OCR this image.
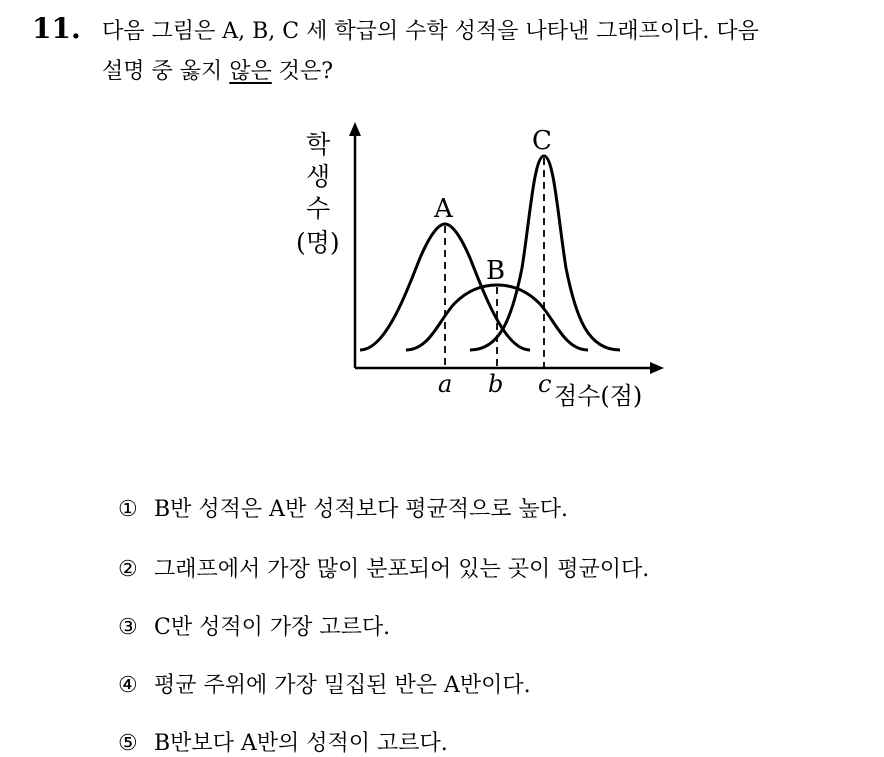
11. 다음 그림은 A, B, C 세 학급의 수학 성적을 나타낸 그래프이다. 다음
설명 중 옳지 않은 것은?
학
생
수
(명)
A
B
C
a b c 점수(점)
① B반 성적은 A반 성적보다 평균적으로 높다.
② 그래프에서 가장 많이 분포되어 있는 곳이 평균이다.
③ C반 성적이 가장 고르다.
④ 평균 주위에 가장 밀집된 반은 A반이다.
⑤ B반보다 A반의 성적이 고르다.
